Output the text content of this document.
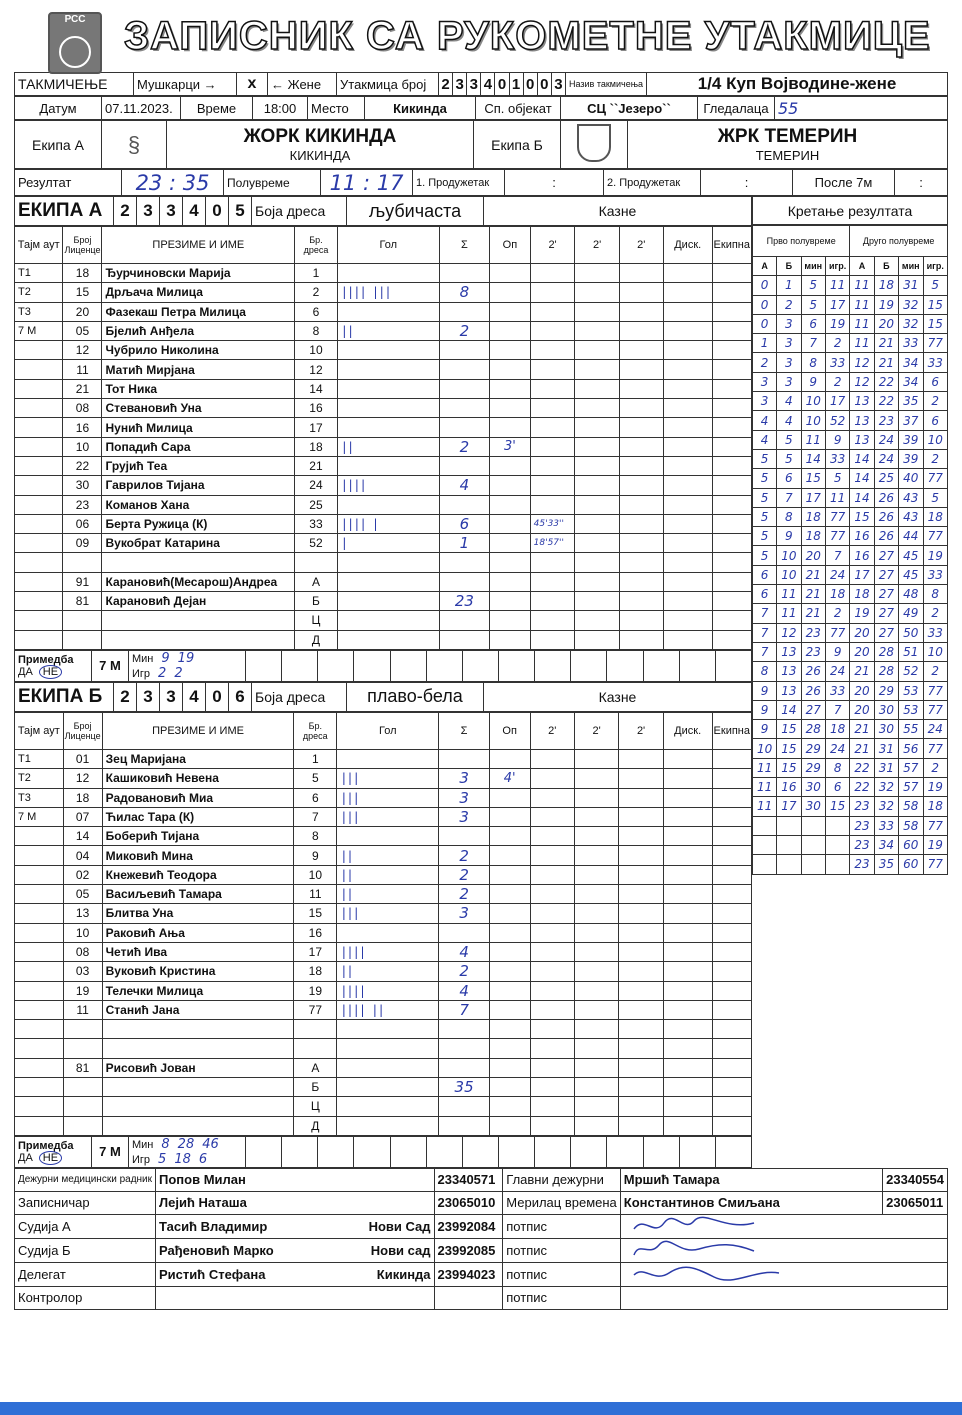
РСС ЗАПИСНИК СА РУКОМЕТНЕ УТАКМИЦЕ
ТАКМИЧЕЊЕ	Мушкарци →	x	← Жене	Утакмица број	2	3	3	4	0	1	0	0	3
	Назив такмичења	1/4 Куп Војводине-жене
Датум	07.11.2023.	Време	18:00	Место	Кикинда	Сп. објекат	СЦ ``Језеро``	Гледалаца	55
Екипа А	§	ЖОРК КИКИНДА
КИКИНДА
	Екипа Б		ЖРК ТЕМЕРИН
ТЕМЕРИН
Резултат	23 : 35	Полувреме	11 : 17	1. Продужетак	:	2. Продужетак	:	После 7м	:
ЕКИПА А	2	3	3	4	0	5	Боја дреса	љубичаста	Казне
Тајм аут	Број Лиценце	ПРЕЗИМЕ И ИМЕ	Бр. дреса	Гол	Σ	Оп	2'	2'	2'	Диск.	Екипна
T1	18	Ђурчиновски Марија	1								
T2	15	Дрљача Милица	2	|||| |||	8						
T3	20	Фазекаш Петра Милица	6								
7 M	05	Бјелић Анђела	8	||	2						
	12	Чубрило Николина	10								
	11	Матић Мирјана	12								
	21	Тот Ника	14								
	08	Стевановић Уна	16								
	16	Нунић Милица	17								
	10	Попадић Сара	18	||	2	3'					
	22	Грујић Теа	21								
	30	Гаврилов Тијана	24	||||	4						
	23	Команов Хана	25								
	06	Берта Ружица (К)	33	|||| |	6		45'33''				
	09	Вукобрат Катарина	52	|	1		18'57''				

	91	Карановић(Месарош)Андреа	А								
	81	Карановић Дејан	Б		23						
			Ц								
			Д								
Примедба
ДА НЕ	7 М	Мин 9 19
Игр 2 2

ЕКИПА Б	2	3	3	4	0	6	Боја дреса	плаво-бела	Казне
Тајм аут	Број Лиценце	ПРЕЗИМЕ И ИМЕ	Бр. дреса	Гол	Σ	Оп	2'	2'	2'	Диск.	Екипна
T1	01	Зец Маријана	1								
T2	12	Кашиковић Невена	5	|||	3	4'					
T3	18	Радовановић Миа	6	|||	3						
7 M	07	Ћилас Тара (К)	7	|||	3						
	14	Боберић Тијана	8								
	04	Миковић Мина	9	||	2						
	02	Кнежевић Теодора	10	||	2						
	05	Васиљевић Тамара	11	||	2						
	13	Блитва Уна	15	|||	3						
	10	Раковић Ања	16								
	08	Четић Ива	17	||||	4						
	03	Вуковић Кристина	18	||	2						
	19	Телечки Милица	19	||||	4						
	11	Станић Јана	77	|||| ||	7						

	81	Рисовић Јован	А								
			Б		35						
			Ц								
			Д								
Примедба
ДА НЕ	7 М	Мин 8 28 46
Игр 5 18 6

Кретање резултата
Прво полувреме				Друго полувреме			
А	Б	мин	игр.	А	Б	мин	игр.
0	1	5	11	11	18	31	5
0	2	5	17	11	19	32	15
0	3	6	19	11	20	32	15
1	3	7	2	11	21	33	77
2	3	8	33	12	21	34	33
3	3	9	2	12	22	34	6
3	4	10	17	13	22	35	2
4	4	10	52	13	23	37	6
4	5	11	9	13	24	39	10
5	5	14	33	14	24	39	2
5	6	15	5	14	25	40	77
5	7	17	11	14	26	43	5
5	8	18	77	15	26	43	18
5	9	18	77	16	26	44	77
5	10	20	7	16	27	45	19
6	10	21	24	17	27	45	33
6	11	21	18	18	27	48	8
7	11	21	2	19	27	49	2
7	12	23	77	20	27	50	33
7	13	23	9	20	28	51	10
8	13	26	24	21	28	52	2
9	13	26	33	20	29	53	77
9	14	27	7	20	30	53	77
9	15	28	18	21	30	55	24
10	15	29	24	21	31	56	77
11	15	29	8	22	31	57	2
11	16	30	6	22	32	57	19
11	17	30	15	23	32	58	18
				23	33	58	77
				23	34	60	19
				23	35	60	77
Дежурни медицински радник	Попов Милан	23340571	Главни дежурни	Мршић Тамара	23340554
Записничар	Лејић Наташа	23065010	Мерилац времена	Константинов Смиљана	23065011
Судија А	Тасић Владимир Нови Сад	23992084	потпис	
Судија Б	Рађеновић Марко Нови сад	23992085	потпис	
Делегат	Ристић Стефана Кикинда	23994023	потпис	
Контролор			потпис		
